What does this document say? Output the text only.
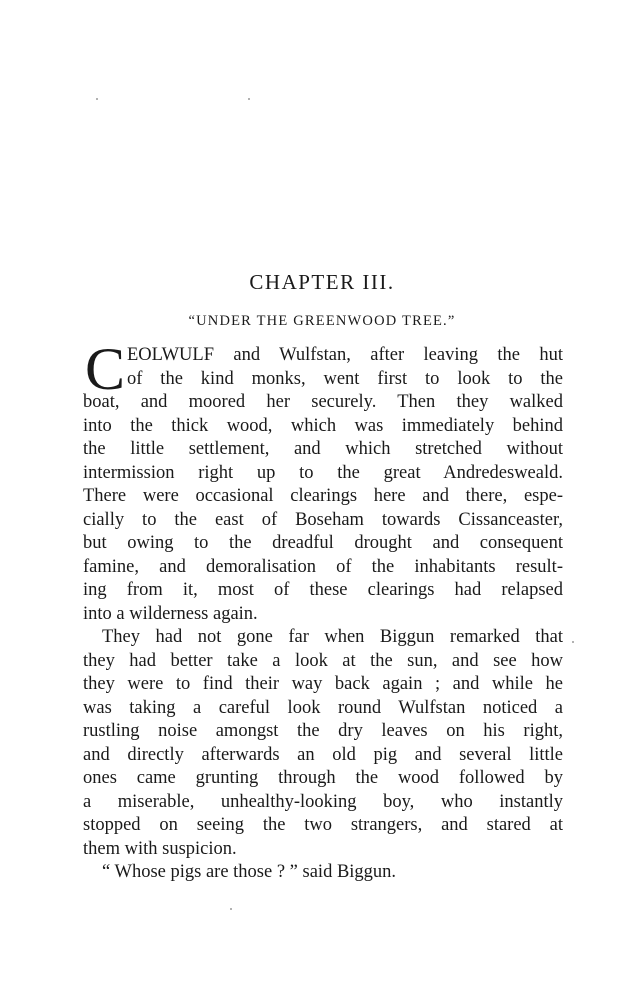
CHAPTER III.
“UNDER THE GREENWOOD TREE.”
C EOLWULF and Wulfstan, after leaving the hut
of the kind monks, went first to look to the
boat, and moored her securely. Then they walked
into the thick wood, which was immediately behind
the little settlement, and which stretched without
intermission right up to the great Andredesweald.
There were occasional clearings here and there, espe-
cially to the east of Boseham towards Cissanceaster,
but owing to the dreadful drought and consequent
famine, and demoralisation of the inhabitants result-
ing from it, most of these clearings had relapsed
into a wilderness again.
They had not gone far when Biggun remarked that
they had better take a look at the sun, and see how
they were to find their way back again ; and while he
was taking a careful look round Wulfstan noticed a
rustling noise amongst the dry leaves on his right,
and directly afterwards an old pig and several little
ones came grunting through the wood followed by
a miserable, unhealthy-looking boy, who instantly
stopped on seeing the two strangers, and stared at
them with suspicion.
“ Whose pigs are those ? ” said Biggun.
